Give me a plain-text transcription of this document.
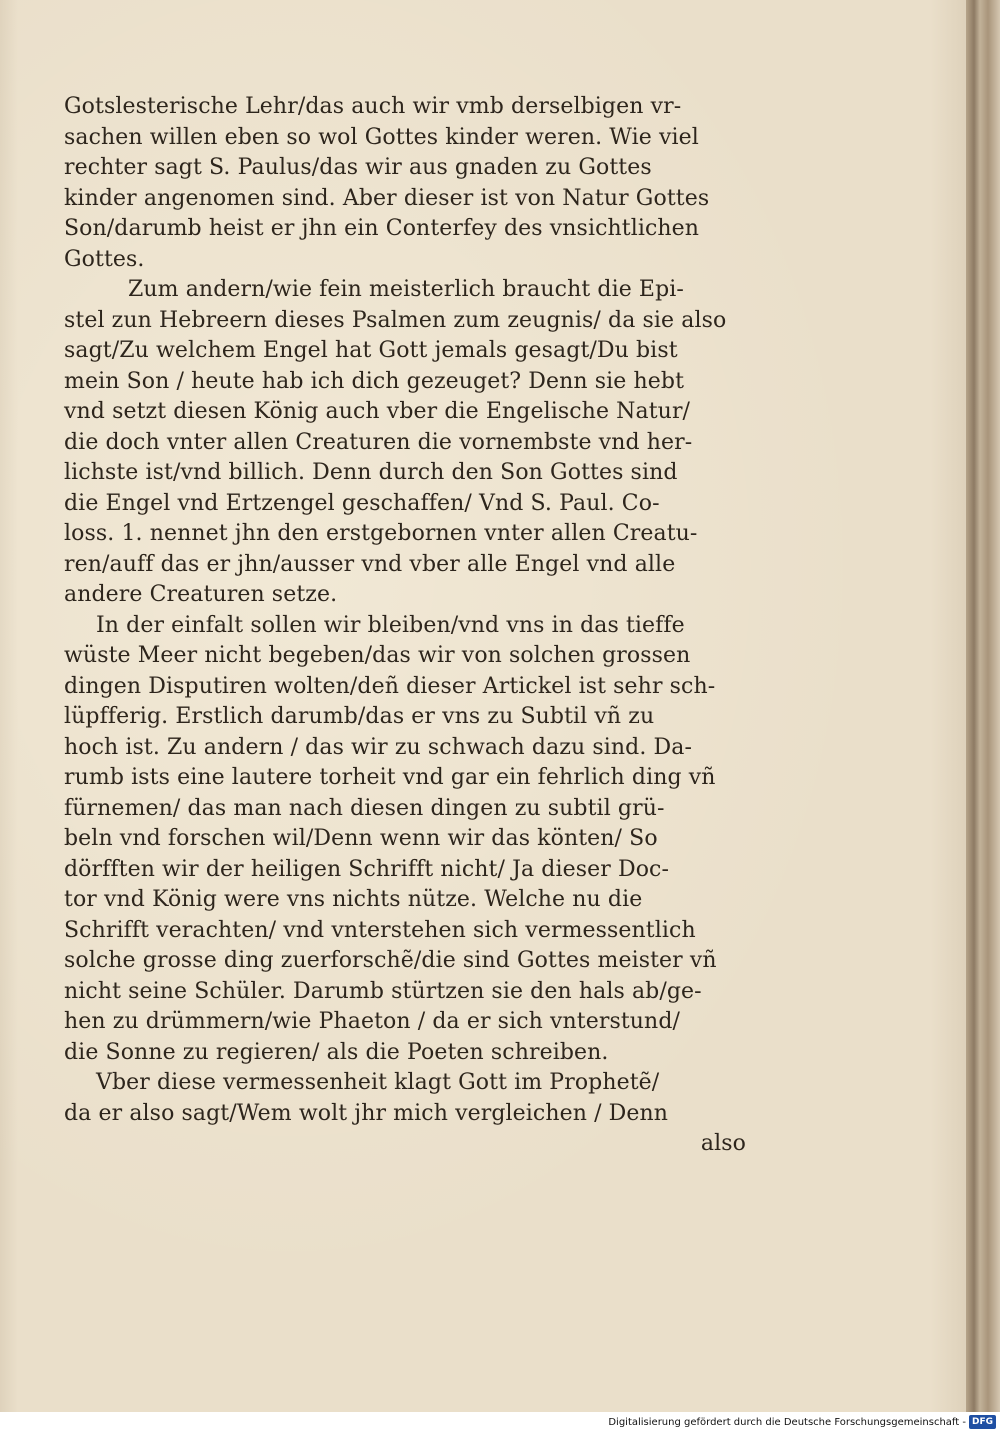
Gotslesterische Lehr/das auch wir vmb derselbigen vr-
sachen willen eben so wol Gottes kinder weren. Wie viel
rechter sagt S. Paulus/das wir aus gnaden zu Gottes
kinder angenomen sind. Aber dieser ist von Natur Gottes
Son/darumb heist er jhn ein Conterfey des vnsichtlichen
Gottes.
Zum andern/wie fein meisterlich braucht die Epi-
stel zun Hebreern dieses Psalmen zum zeugnis/ da sie also
sagt/Zu welchem Engel hat Gott jemals gesagt/Du bist
mein Son / heute hab ich dich gezeuget? Denn sie hebt
vnd setzt diesen König auch vber die Engelische Natur/
die doch vnter allen Creaturen die vornembste vnd her-
lichste ist/vnd billich. Denn durch den Son Gottes sind
die Engel vnd Ertzengel geschaffen/ Vnd S. Paul. Co-
loss. 1. nennet jhn den erstgebornen vnter allen Creatu-
ren/auff das er jhn/ausser vnd vber alle Engel vnd alle
andere Creaturen setze.
In der einfalt sollen wir bleiben/vnd vns in das tieffe
wüste Meer nicht begeben/das wir von solchen grossen
dingen Disputiren wolten/deñ dieser Artickel ist sehr sch-
lüpfferig. Erstlich darumb/das er vns zu Subtil vñ zu
hoch ist. Zu andern / das wir zu schwach dazu sind. Da-
rumb ists eine lautere torheit vnd gar ein fehrlich ding vñ
fürnemen/ das man nach diesen dingen zu subtil grü-
beln vnd forschen wil/Denn wenn wir das könten/ So
dörfften wir der heiligen Schrifft nicht/ Ja dieser Doc-
tor vnd König were vns nichts nütze. Welche nu die
Schrifft verachten/ vnd vnterstehen sich vermessentlich
solche grosse ding zuerforschẽ/die sind Gottes meister vñ
nicht seine Schüler. Darumb stürtzen sie den hals ab/ge-
hen zu drümmern/wie Phaeton / da er sich vnterstund/
die Sonne zu regieren/ als die Poeten schreiben.
Vber diese vermessenheit klagt Gott im Prophetẽ/
da er also sagt/Wem wolt jhr mich vergleichen / Denn
also
Digitalisierung gefördert durch die Deutsche Forschungsgemeinschaft - DFG
